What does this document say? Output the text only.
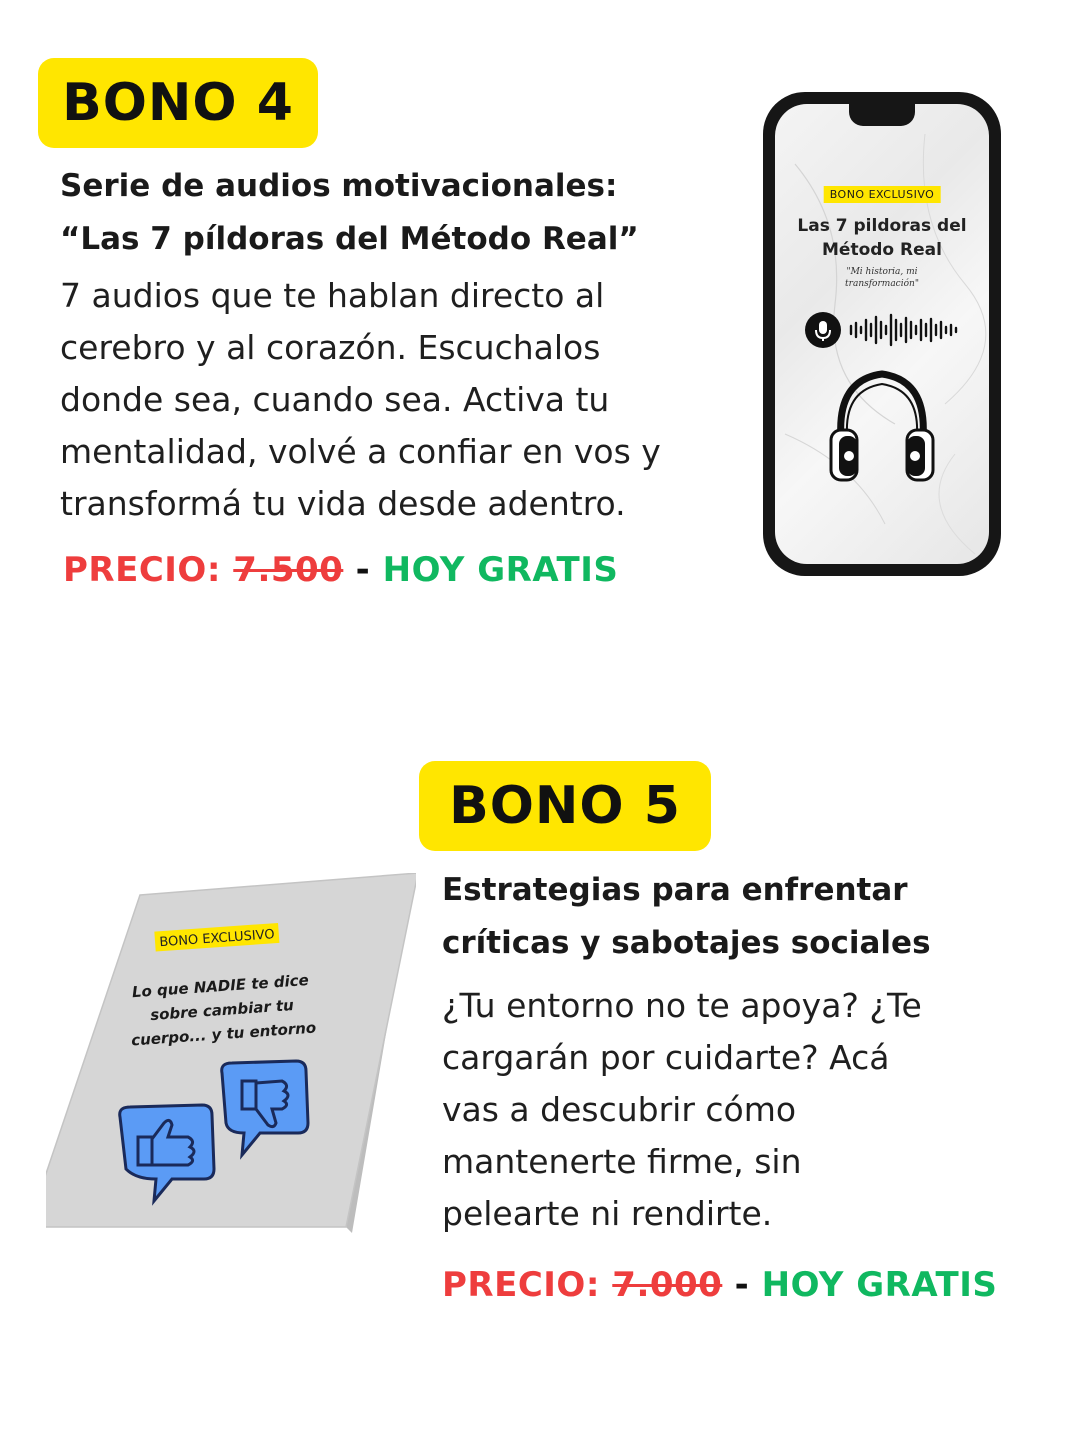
BONO 4
Serie de audios motivacionales:
“Las 7 píldoras del Método Real”
7 audios que te hablan directo al
cerebro y al corazón. Escuchalos
donde sea, cuando sea. Activa tu
mentalidad, volvé a confiar en vos y
transformá tu vida desde adentro.
PRECIO: 7.500 - HOY GRATIS
BONO EXCLUSIVO
Las 7 pildoras del
Método Real
"Mi historia, mi
transformación"
BONO 5
Estrategias para enfrentar
críticas y sabotajes sociales
¿Tu entorno no te apoya? ¿Te
cargarán por cuidarte? Acá
vas a descubrir cómo
mantenerte firme, sin
pelearte ni rendirte.
PRECIO: 7.000 - HOY GRATIS
BONO EXCLUSIVO
Lo que NADIE te dice
sobre cambiar tu
cuerpo... y tu entorno
